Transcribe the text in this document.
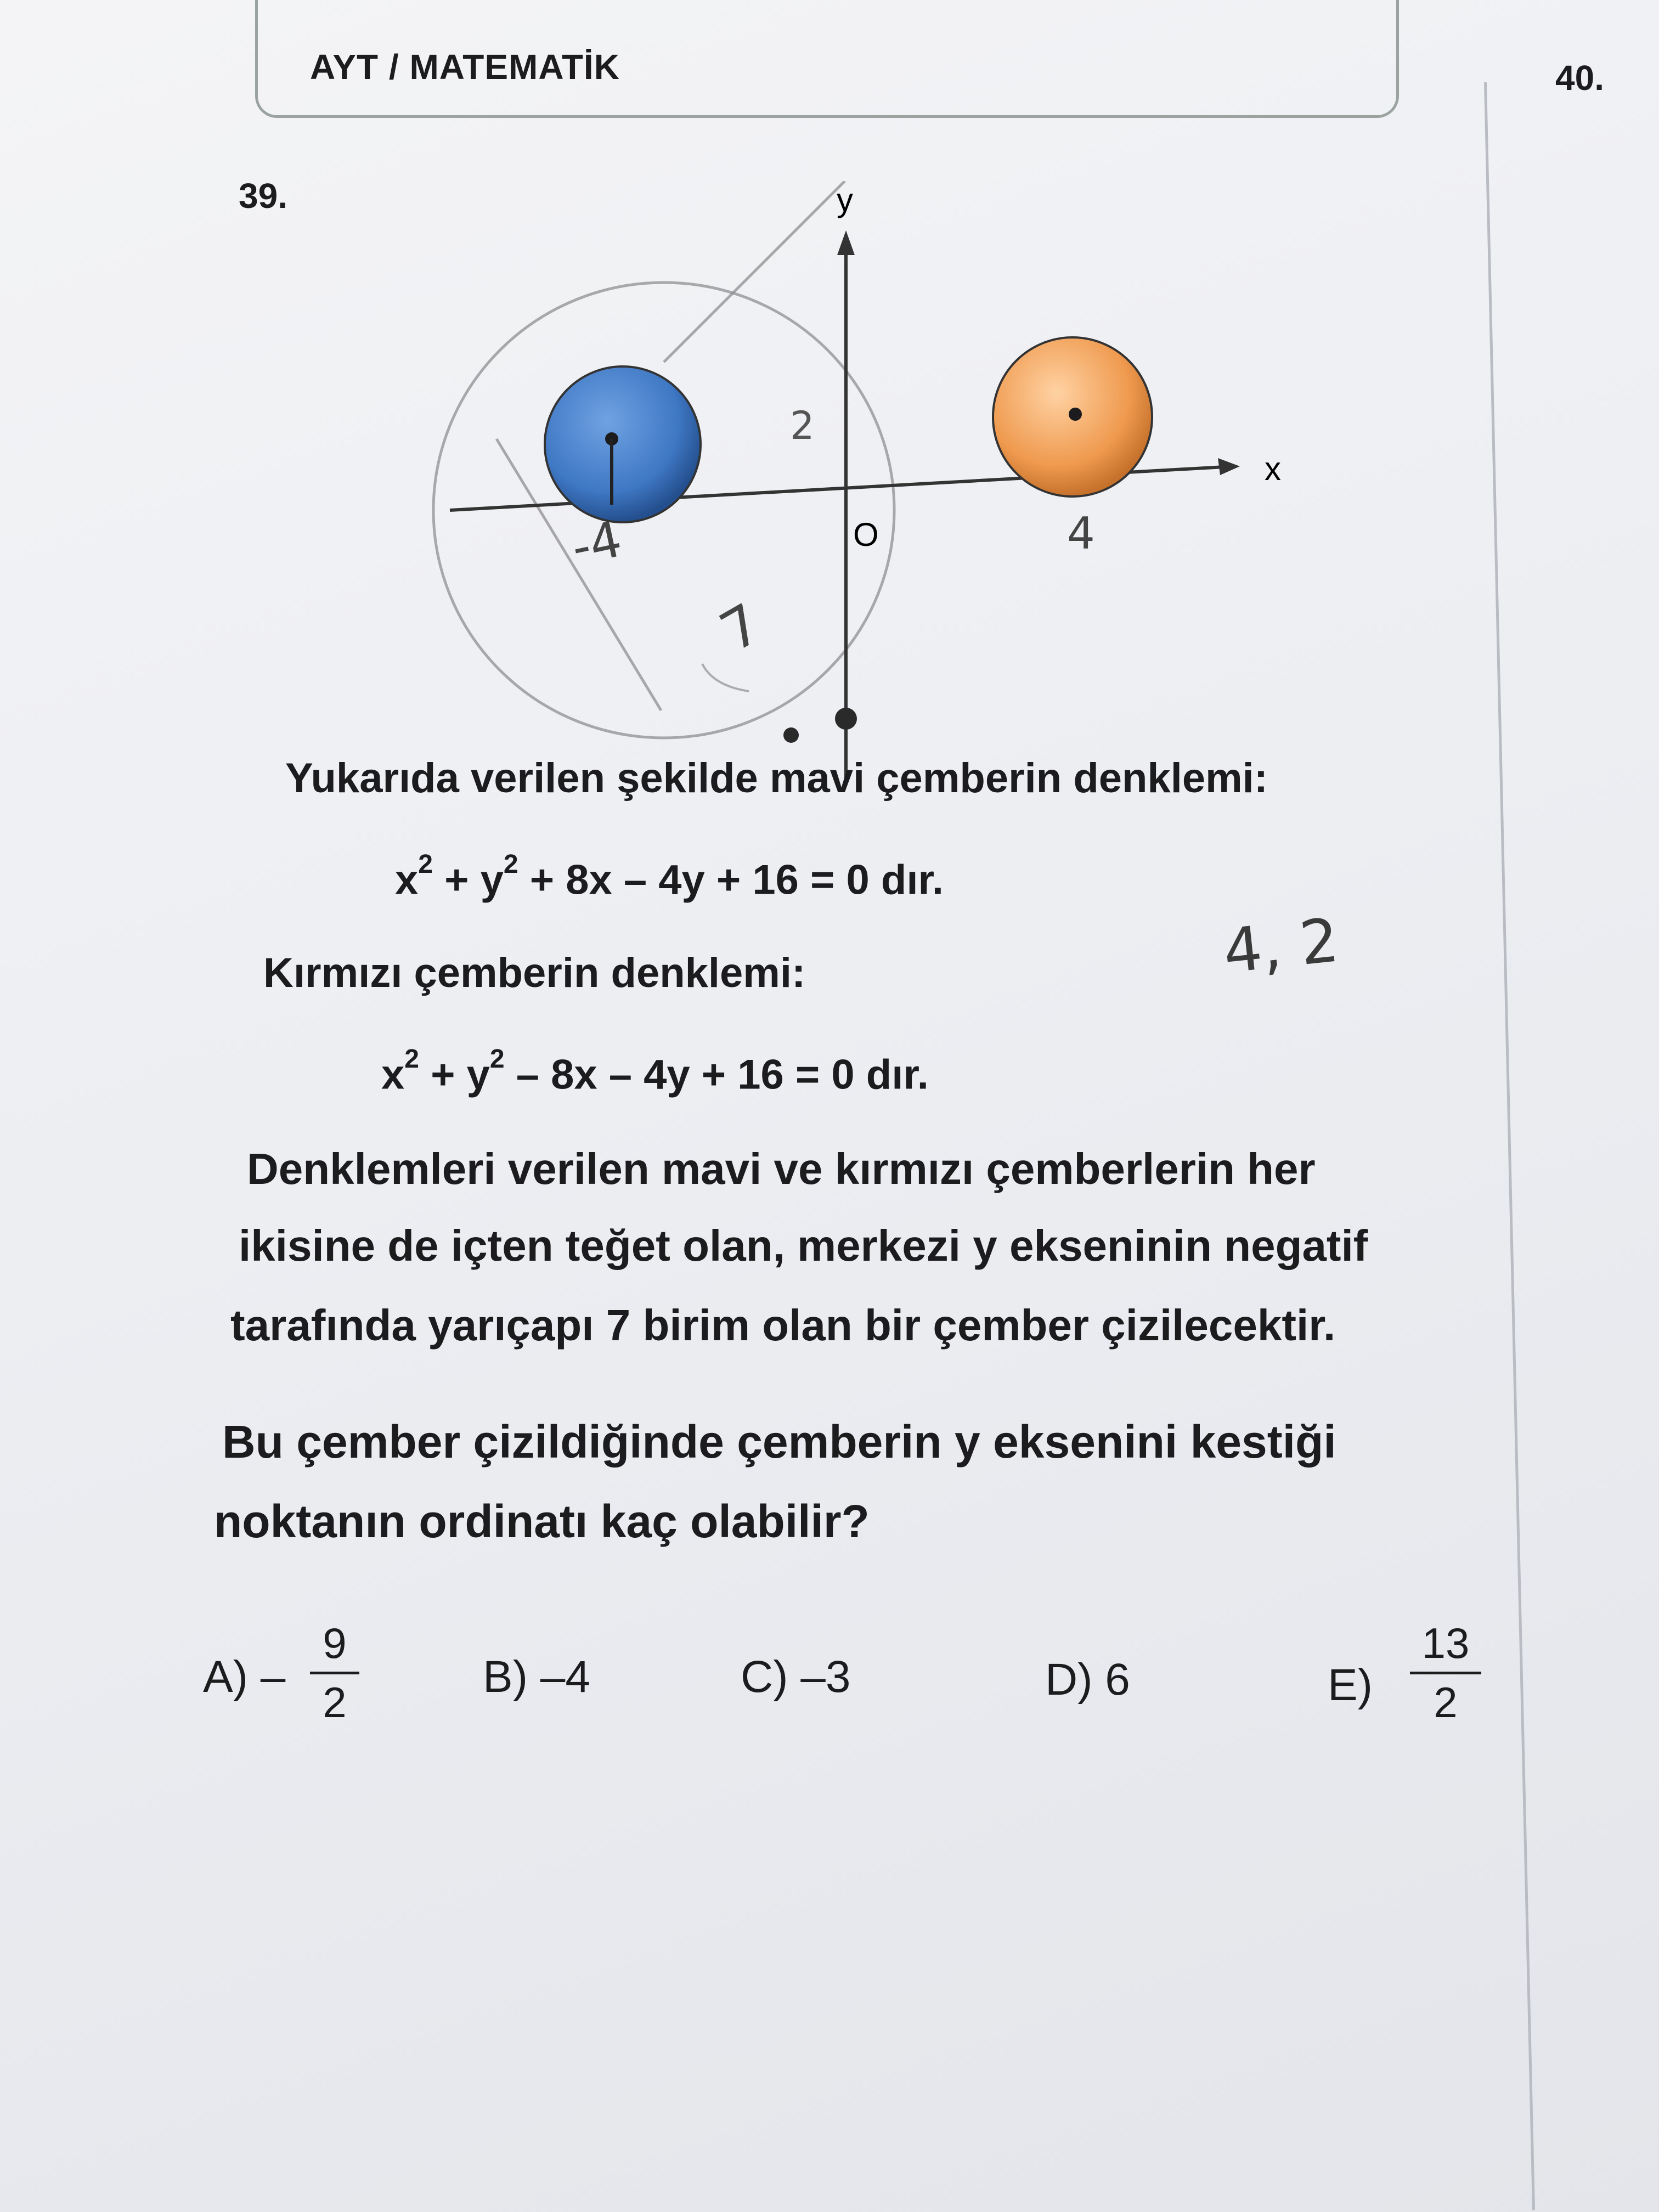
AYT / MATEMATİK	40.
39.	y
x
O
-4	4
2
7
Yukarıda verilen şekilde mavi çemberin denklemi:
$x^2 + y^2 + 8x - 4y + 16 = 0$ dır.
4, 2
Kırmızı çemberin denklemi:
$x^2 + y^2 - 8x - 4y + 16 = 0$ dır.
Denklemleri verilen mavi ve kırmızı çemberlerin her
ikisine de içten teğet olan, merkezi y ekseninin negatif
tarafında yarıçapı 7 birim olan bir çember çizilecektir.
Bu çember çizildiğinde çemberin y eksenini kestiği
noktanın ordinatı kaç olabilir?
A) –
9
2
B) –4	C) –3	D) 6	E)
13
2
